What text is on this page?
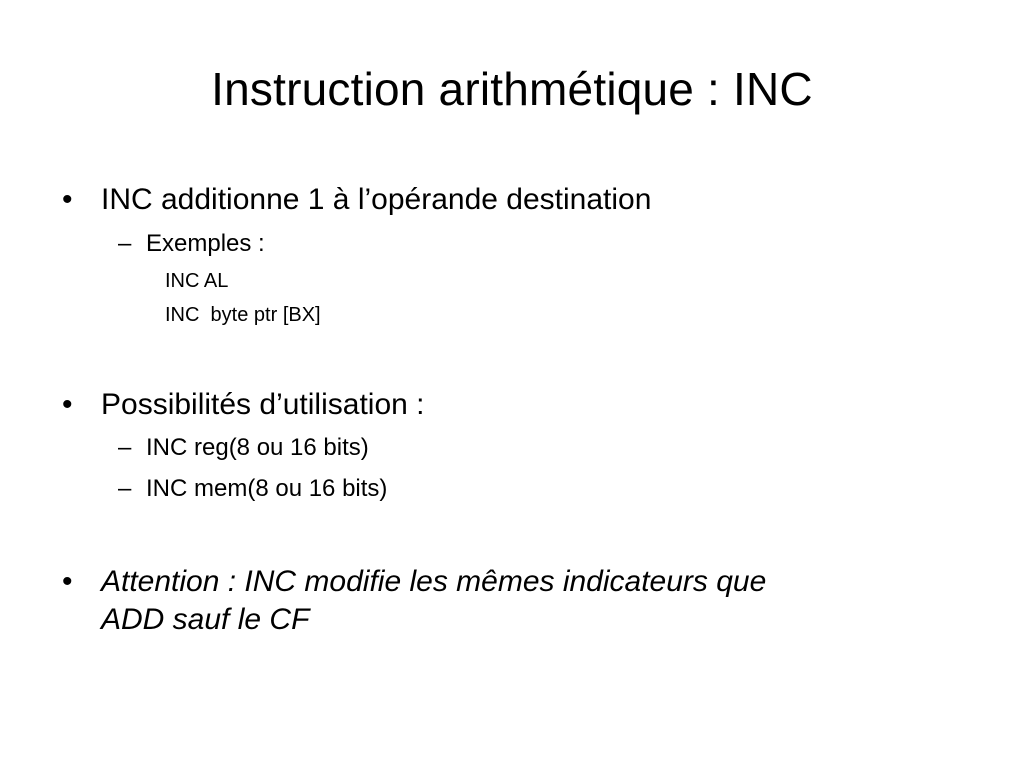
Instruction arithmétique : INC
• INC additionne 1 à l’opérande destination
– Exemples :
INC AL
INC  byte ptr [BX]
• Possibilités d’utilisation :
– INC reg(8 ou 16 bits)
– INC mem(8 ou 16 bits)
• Attention : INC modifie les mêmes indicateurs que
ADD sauf le CF
